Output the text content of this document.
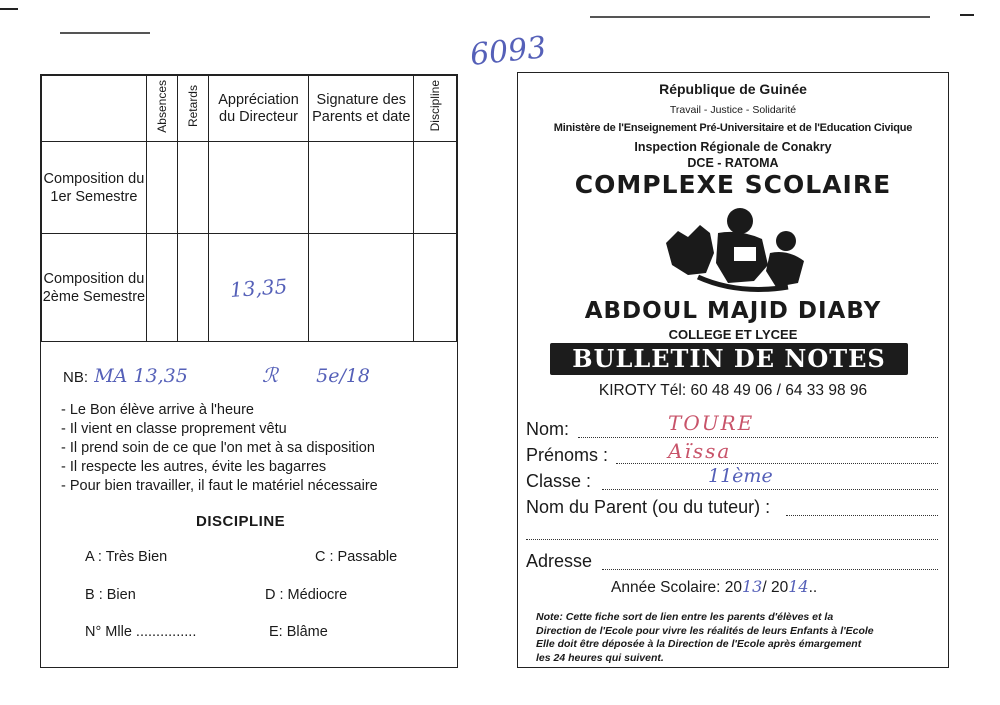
6093
	Absences	Retards	Appréciation du Directeur	Signature des Parents et date	Discipline
Composition du 1er Semestre					
Composition du 2ème Semestre			13,35		
NB: MA 13,35	ℛ 5e/18
- Le Bon élève arrive à l'heure
- Il vient en classe proprement vêtu
- Il prend soin de ce que l'on met à sa disposition
- Il respecte les autres, évite les bagarres
- Pour bien travailler, il faut le matériel nécessaire
DISCIPLINE
A : Très Bien	C : Passable
B : Bien	D : Médiocre
N° Mlle ...............	E: Blâme
République de Guinée
Travail - Justice - Solidarité
Ministère de l'Enseignement Pré-Universitaire et de l'Education Civique
Inspection Régionale de Conakry
DCE - RATOMA
COMPLEXE SCOLAIRE
ABDOUL MAJID DIABY
COLLEGE ET LYCEE
BULLETIN DE NOTES
KIROTY Tél: 60 48 49 06 / 64 33 98 96
Nom:	TOURE
Prénoms :	Aïssa
Classe :	11ème
Nom du Parent (ou du tuteur) :
Adresse
Année Scolaire: 2013/ 2014..
Note: Cette fiche sort de lien entre les parents d'élèves et la
Direction de l'Ecole pour vivre les réalités de leurs Enfants à l'Ecole
Elle doit être déposée à la Direction de l'Ecole après émargement
les 24 heures qui suivent.
